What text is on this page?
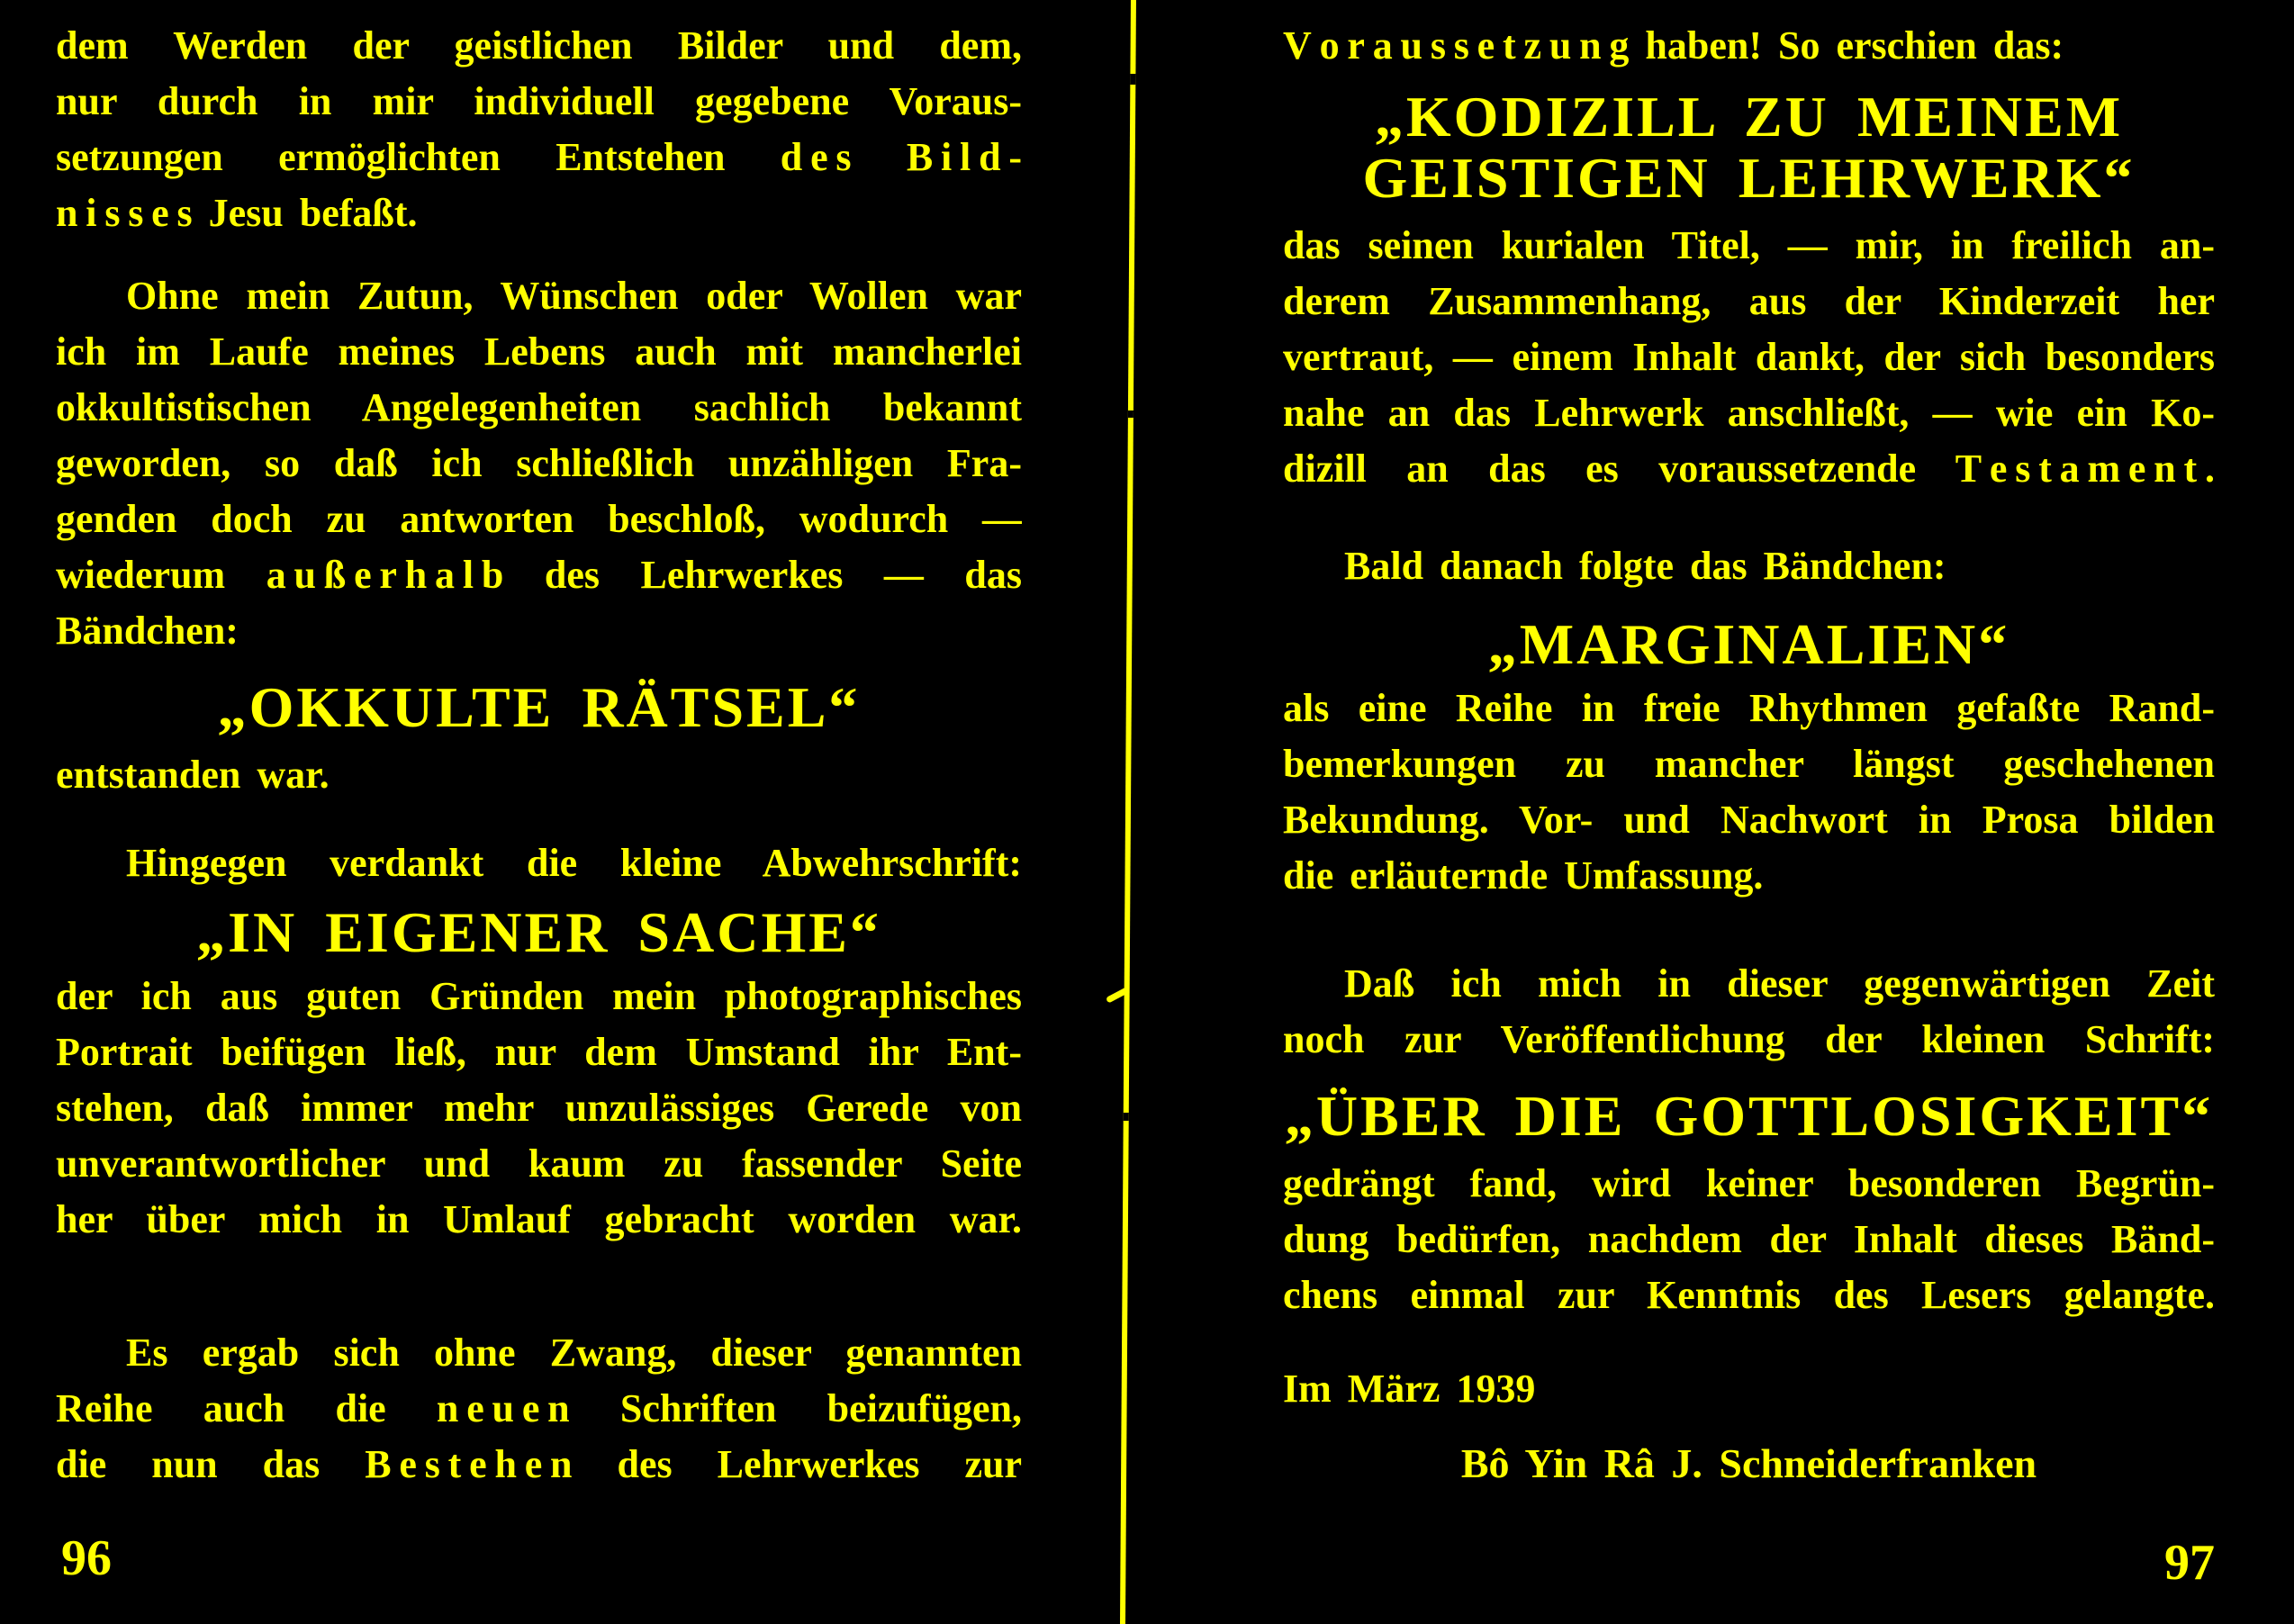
dem Werden der geistlichen Bilder und dem,
nur durch in mir individuell gegebene Voraus-
setzungen ermöglichten Entstehen d e s B i l d -
n i s s e s Jesu befaßt.
Ohne mein Zutun, Wünschen oder Wollen war
ich im Laufe meines Lebens auch mit mancherlei
okkultistischen Angelegenheiten sachlich bekannt
geworden, so daß ich schließlich unzähligen Fra-
genden doch zu antworten beschloß, wodurch —
wiederum a u ß e r h a l b des Lehrwerkes — das
Bändchen:
„OKKULTE RÄTSEL“
entstanden war.
Hingegen verdankt die kleine Abwehrschrift:
„IN EIGENER SACHE“
der ich aus guten Gründen mein photographisches
Portrait beifügen ließ, nur dem Umstand ihr Ent-
stehen, daß immer mehr unzulässiges Gerede von
unverantwortlicher und kaum zu fassender Seite
her über mich in Umlauf gebracht worden war.
Es ergab sich ohne Zwang, dieser genannten
Reihe auch die n e u e n Schriften beizufügen,
die nun das B e s t e h e n des Lehrwerkes zur
96
V o r a u s s e t z u n g haben! So erschien das:
„KODIZILL ZU MEINEM
GEISTIGEN LEHRWERK“
das seinen kurialen Titel, — mir, in freilich an-
derem Zusammenhang, aus der Kinderzeit her
vertraut, — einem Inhalt dankt, der sich besonders
nahe an das Lehrwerk anschließt, — wie ein Ko-
dizill an das es voraussetzende T e s t a m e n t .
Bald danach folgte das Bändchen:
„MARGINALIEN“
als eine Reihe in freie Rhythmen gefaßte Rand-
bemerkungen zu mancher längst geschehenen
Bekundung. Vor- und Nachwort in Prosa bilden
die erläuternde Umfassung.
Daß ich mich in dieser gegenwärtigen Zeit
noch zur Veröffentlichung der kleinen Schrift:
„ÜBER DIE GOTTLOSIGKEIT“
gedrängt fand, wird keiner besonderen Begrün-
dung bedürfen, nachdem der Inhalt dieses Bänd-
chens einmal zur Kenntnis des Lesers gelangte.
Im März 1939
Bô Yin Râ J. Schneiderfranken
97
